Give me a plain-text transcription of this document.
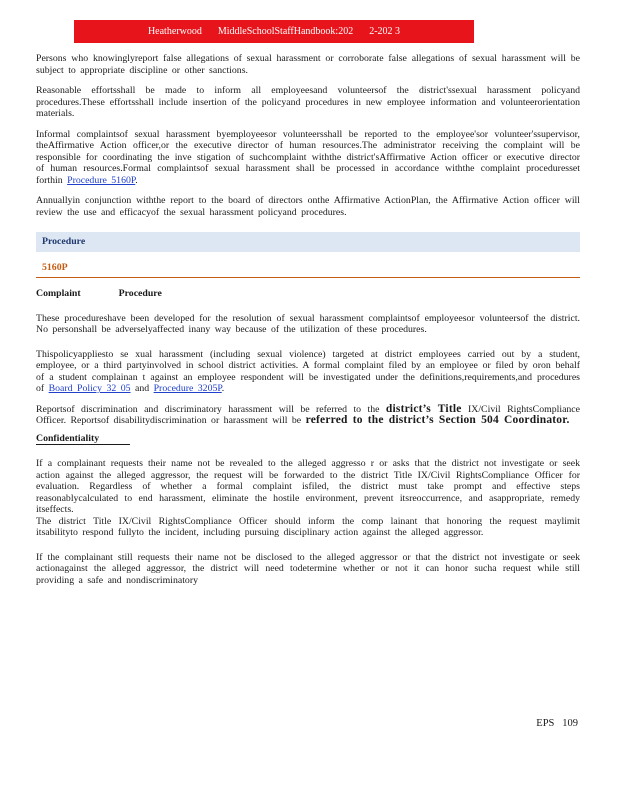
Heatherwood MiddleSchoolStaffHandbook:202 2-202 3

Persons who knowinglyreport false allegations of sexual harassment or corroborate false allegations of sexual harassment will be subject to appropriate discipline or other sanctions.

Reasonable effortsshall be made to inform all employeesand volunteersof the district'ssexual harassment policyand procedures.These effortsshall include insertion of the policyand procedures in new employee information and volunteerorientation materials.

Informal complaintsof sexual harassment byemployeesor volunteersshall be reported to the employee'sor volunteer'ssupervisor, theAffirmative Action officer,or the executive director of human resources.The administrator receiving the complaint will be responsible for coordinating the inve stigation of suchcomplaint withthe district'sAffirmative Action officer or executive director of human resources.Formal complaintsof sexual harassment shall be processed in accordance withthe complaint proceduresset forthin Procedure 5160P.

Annuallyin conjunction withthe report to the board of directors onthe Affirmative ActionPlan, the Affirmative Action officer will review the use and efficacyof the sexual harassment policyand procedures.

Procedure
5160P
Complaint	Procedure

These procedureshave been developed for the resolution of sexual harassment complaintsof employeesor volunteersof the district. No personshall be adverselyaffected inany way because of the utilization of these procedures.

Thispolicyappliesto se xual harassment (including sexual violence) targeted at district employees carried out by a student, employee, or a third partyinvolved in school district activities. A formal complaint filed by an employee or filed by oron behalf of a student complainan t against an employee respondent will be investigated under the definitions,requirements,and procedures of Board Policy 32 05 and Procedure 3205P.

Reportsof discrimination and discriminatory harassment will be referred to the district’s Title IX/Civil RightsCompliance Officer. Reportsof disabilitydiscrimination or harassment will be referred to the district’s Section 504 Coordinator.

Confidentiality

If a complainant requests their name not be revealed to the alleged aggresso r or asks that the district not investigate or seek action against the alleged aggressor, the request will be forwarded to the district Title IX/Civil RightsCompliance Officer for evaluation. Regardless of whether a formal complaint isfiled, the district must take prompt and effective steps reasonablycalculated to end harassment, eliminate the hostile environment, prevent itsreoccurrence, and asappropriate, remedy itseffects.

The district Title IX/Civil RightsCompliance Officer should inform the comp lainant that honoring the request maylimit itsabilityto respond fullyto the incident, including pursuing disciplinary action against the alleged aggressor.

If the complainant still requests their name not be disclosed to the alleged aggressor or that the district not investigate or seek actionagainst the alleged aggressor, the district will need todetermine whether or not it can honor sucha request while still providing a safe and nondiscriminatory

EPS 109
